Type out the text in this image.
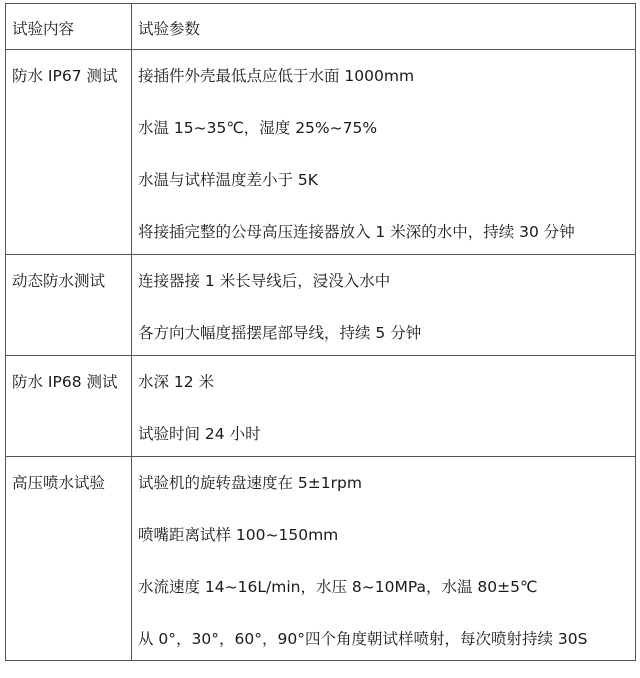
试验内容	试验参数

防水 IP67 测试	接插件外壳最低点应低于水面 1000mm
水温 15~35℃，湿度 25%~75%
水温与试样温度差小于 5K
将接插完整的公母高压连接器放入 1 米深的水中，持续 30 分钟

动态防水测试	连接器接 1 米长导线后，浸没入水中
各方向大幅度摇摆尾部导线，持续 5 分钟

防水 IP68 测试	水深 12 米
试验时间 24 小时

高压喷水试验	试验机的旋转盘速度在 5±1rpm
喷嘴距离试样 100~150mm
水流速度 14~16L/min，水压 8~10MPa，水温 80±5℃
从 0°，30°，60°，90°四个角度朝试样喷射，每次喷射持续 30S
